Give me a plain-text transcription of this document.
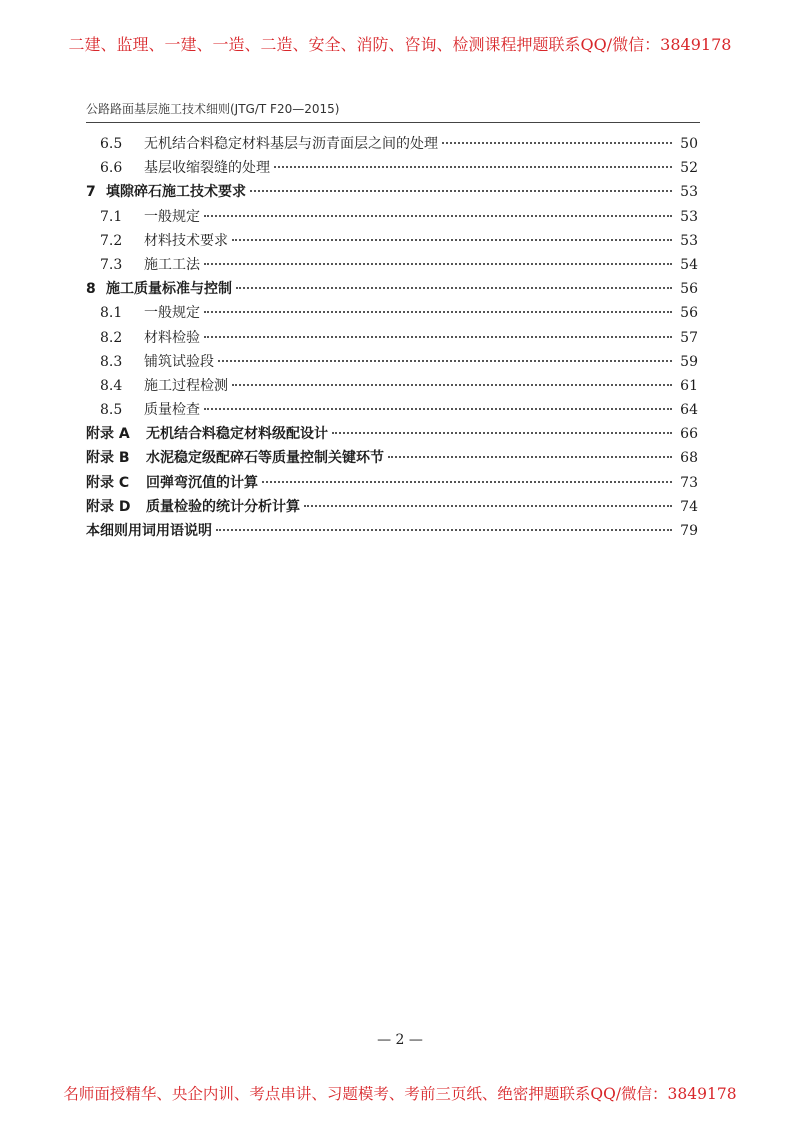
二建、监理、一建、一造、二造、安全、消防、咨询、检测课程押题联系QQ/微信：3849178
公路路面基层施工技术细则(JTG/T F20—2015)
6.5	无机结合料稳定材料基层与沥青面层之间的处理	50
6.6	基层收缩裂缝的处理	52
7 填隙碎石施工技术要求	53
7.1	一般规定	53
7.2	材料技术要求	53
7.3	施工工法	54
8 施工质量标准与控制	56
8.1	一般规定	56
8.2	材料检验	57
8.3	铺筑试验段	59
8.4	施工过程检测	61
8.5	质量检查	64
附录 A	无机结合料稳定材料级配设计	66
附录 B	水泥稳定级配碎石等质量控制关键环节	68
附录 C	回弹弯沉值的计算	73
附录 D	质量检验的统计分析计算	74
本细则用词用语说明	79
— 2 —
名师面授精华、央企内训、考点串讲、习题模考、考前三页纸、绝密押题联系QQ/微信：3849178
